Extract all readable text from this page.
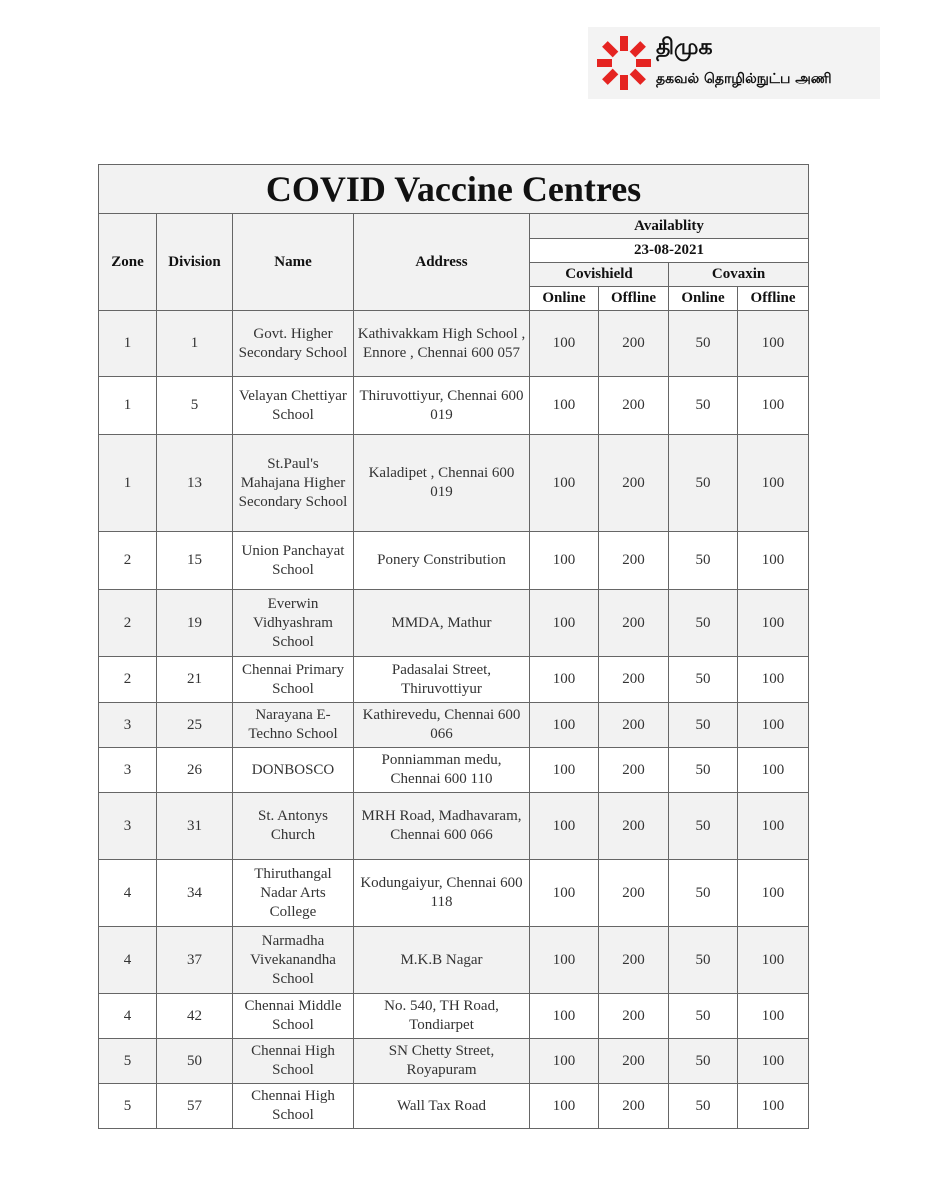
திமுக
தகவல் தொழில்நுட்ப அணி
COVID Vaccine Centres							
Zone	Division	Name	Address	Availablity			
				23-08-2021			
				Covishield		Covaxin	
				Online	Offline	Online	Offline
1	1	Govt. Higher Secondary School	Kathivakkam High School , Ennore , Chennai 600 057	100	200	50	100
1	5	Velayan Chettiyar School	Thiruvottiyur, Chennai 600 019	100	200	50	100
1	13	St.Paul's Mahajana Higher Secondary School	Kaladipet , Chennai 600 019	100	200	50	100
2	15	Union Panchayat School	Ponery Constribution	100	200	50	100
2	19	Everwin Vidhyashram School	MMDA, Mathur	100	200	50	100
2	21	Chennai Primary School	Padasalai Street, Thiruvottiyur	100	200	50	100
3	25	Narayana E-Techno School	Kathirevedu, Chennai 600 066	100	200	50	100
3	26	DONBOSCO	Ponniamman medu, Chennai 600 110	100	200	50	100
3	31	St. Antonys Church	MRH Road, Madhavaram, Chennai 600 066	100	200	50	100
4	34	Thiruthangal Nadar Arts College	Kodungaiyur, Chennai 600 118	100	200	50	100
4	37	Narmadha Vivekanandha School	M.K.B Nagar	100	200	50	100
4	42	Chennai Middle School	No. 540, TH Road, Tondiarpet	100	200	50	100
5	50	Chennai High School	SN Chetty Street, Royapuram	100	200	50	100
5	57	Chennai High School	Wall Tax Road	100	200	50	100
